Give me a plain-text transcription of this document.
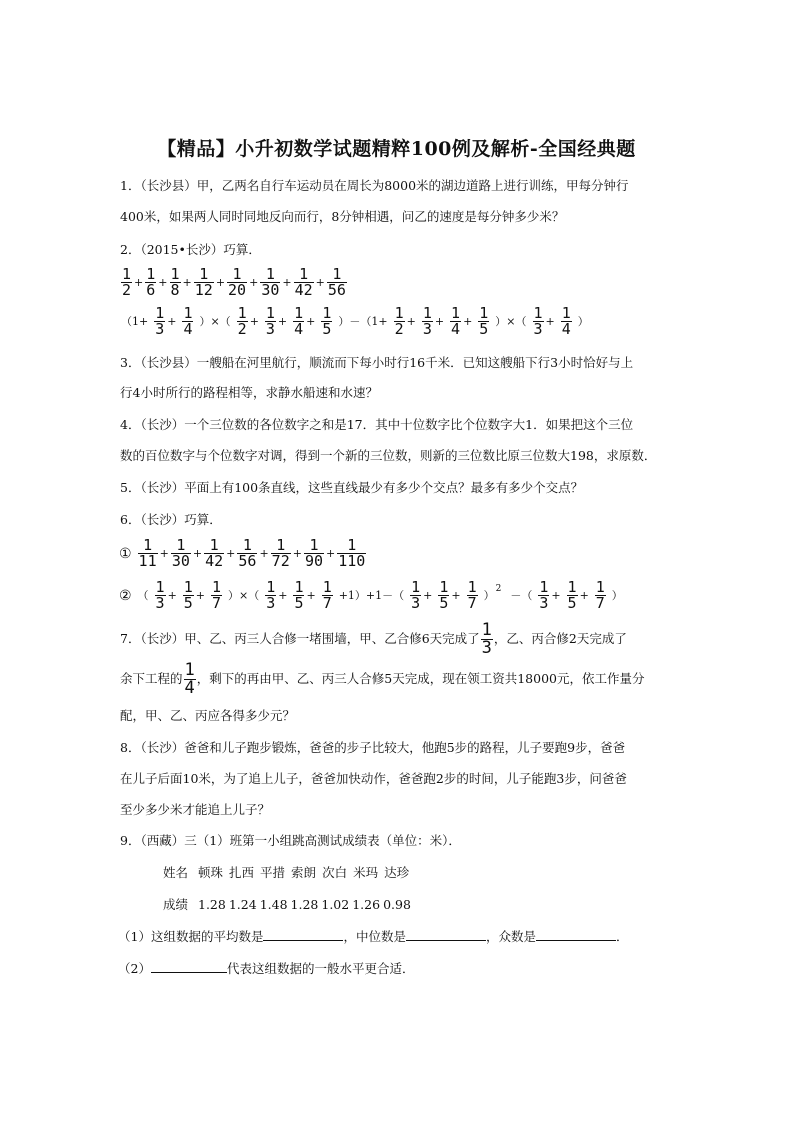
【精品】小升初数学试题精粹100例及解析-全国经典题
1．（长沙县）甲，乙两名自行车运动员在周长为8000米的湖边道路上进行训练，甲每分钟行
400米，如果两人同时同地反向而行，8分钟相遇，问乙的速度是每分钟多少米？
2．（2015•长沙）巧算．
$\frac{1}{2} + \frac{1}{6} + \frac{1}{8} + \frac{1}{12} + \frac{1}{20} + \frac{1}{30} + \frac{1}{42} + \frac{1}{56}$
（$1+ \frac{1}{3} + \frac{1}{4}$ ）×（ $\frac{1}{2} + \frac{1}{3} + \frac{1}{4} + \frac{1}{5} )-(1+ \frac{1}{2} + \frac{1}{3} + \frac{1}{4} + \frac{1}{5}$ ）×（ $\frac{1}{3} + \frac{1}{4}$ ）
3．（长沙县）一艘船在河里航行，顺流而下每小时行16千米．已知这艘船下行3小时恰好与上
行4小时所行的路程相等，求静水船速和水速？
4．（长沙）一个三位数的各位数字之和是17．其中十位数字比个位数字大1．如果把这个三位
数的百位数字与个位数字对调，得到一个新的三位数，则新的三位数比原三位数大198，求原数．
5．（长沙）平面上有100条直线，这些直线最少有多少个交点？最多有多少个交点？
6．（长沙）巧算．
① $\frac{1}{11} + \frac{1}{30} + \frac{1}{42} + \frac{1}{56} + \frac{1}{72} + \frac{1}{90} + \frac{1}{110}$
② （ $\frac{1}{3} + \frac{1}{5} + \frac{1}{7}$ ）×（ $\frac{1}{3} + \frac{1}{5} + \frac{1}{7} +1)+1-( \frac{1}{3} + \frac{1}{5} + \frac{1}{7} )^2$ －（ $\frac{1}{3} + \frac{1}{5} + \frac{1}{7}$ ）
7．（长沙）甲、乙、丙三人合修一堵围墙，甲、乙合修6天完成了 $\frac{1}{3}$ ，乙、丙合修2天完成了
余下工程的 $\frac{1}{4}$ ，剩下的再由甲、乙、丙三人合修5天完成，现在领工资共18000元，依工作量分
配，甲、乙、丙应各得多少元？
8．（长沙）爸爸和儿子跑步锻炼，爸爸的步子比较大，他跑5步的路程，儿子要跑9步，爸爸
在儿子后面10米，为了追上儿子，爸爸加快动作，爸爸跑2步的时间，儿子能跑3步，问爸爸
至少多少米才能追上儿子？
9．（西藏）三（1）班第一小组跳高测试成绩表（单位：米）．
姓名 顿珠 扎西 平措 索朗 次白 米玛 达珍
成绩 1.28 1.24 1.48 1.28 1.02 1.26 0.98
（1）这组数据的平均数是	，中位数是	，众数是	．
（2）	代表这组数据的一般水平更合适．
